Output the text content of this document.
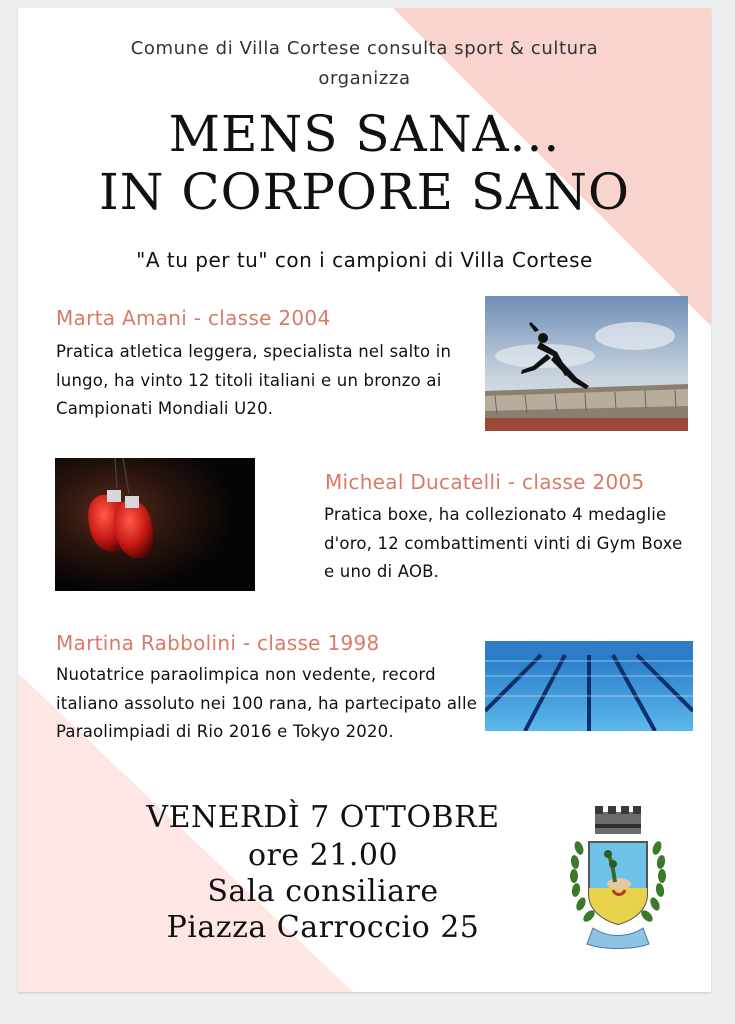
Comune di Villa Cortese consulta sport & cultura
organizza
MENS SANA...
IN CORPORE SANO
"A tu per tu" con i campioni di Villa Cortese
Marta Amani - classe 2004
Pratica atletica leggera, specialista nel salto in lungo, ha vinto 12 titoli italiani e un bronzo ai Campionati Mondiali U20.
Micheal Ducatelli - classe 2005
Pratica boxe, ha collezionato 4 medaglie d'oro, 12 combattimenti vinti di Gym Boxe e uno di AOB.
Martina Rabbolini - classe 1998
Nuotatrice paraolimpica non vedente, record italiano assoluto nei 100 rana, ha partecipato alle Paraolimpiadi di Rio 2016 e Tokyo 2020.
VENERDÌ 7 OTTOBRE
ore 21.00
Sala consiliare
Piazza Carroccio 25
